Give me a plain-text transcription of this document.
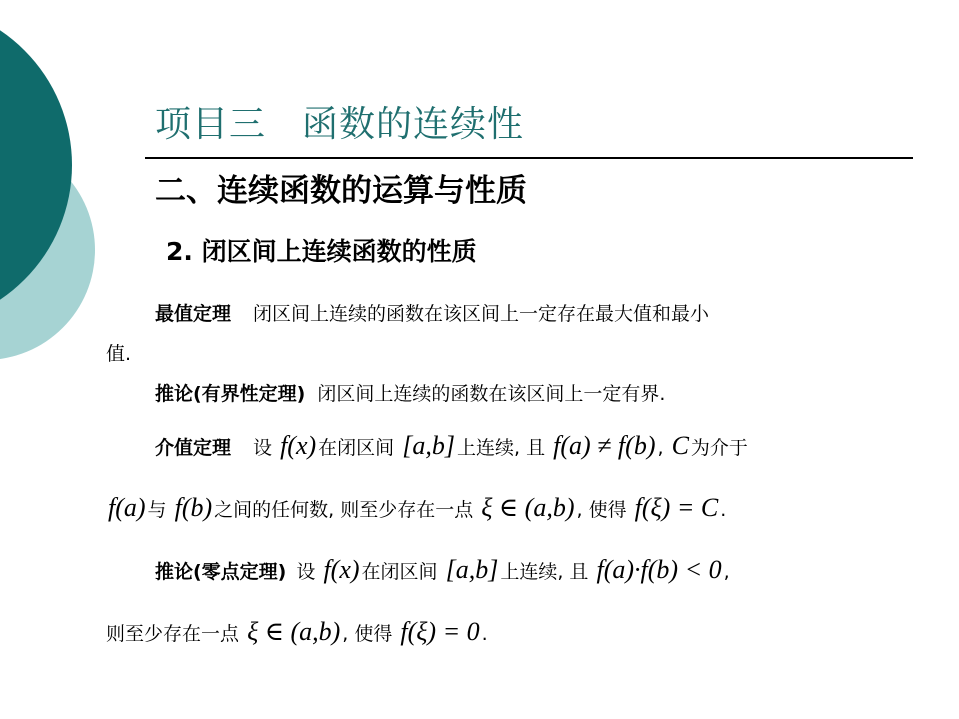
项目三 函数的连续性
二、连续函数的运算与性质
2. 闭区间上连续函数的性质
最值定理 闭区间上连续的函数在该区间上一定存在最大值和最小
值.
推论(有界性定理) 闭区间上连续的函数在该区间上一定有界.
介值定理 设 f(x) 在闭区间 [a,b] 上连续, 且 f(a) ≠ f(b) , C 为介于
f(a) 与 f(b) 之间的任何数, 则至少存在一点 ξ ∈ (a,b) , 使得 f(ξ) = C .
推论(零点定理) 设 f(x) 在闭区间 [a,b] 上连续, 且 f(a)·f(b) < 0 ,
则至少存在一点 ξ ∈ (a,b) , 使得 f(ξ) = 0 .
